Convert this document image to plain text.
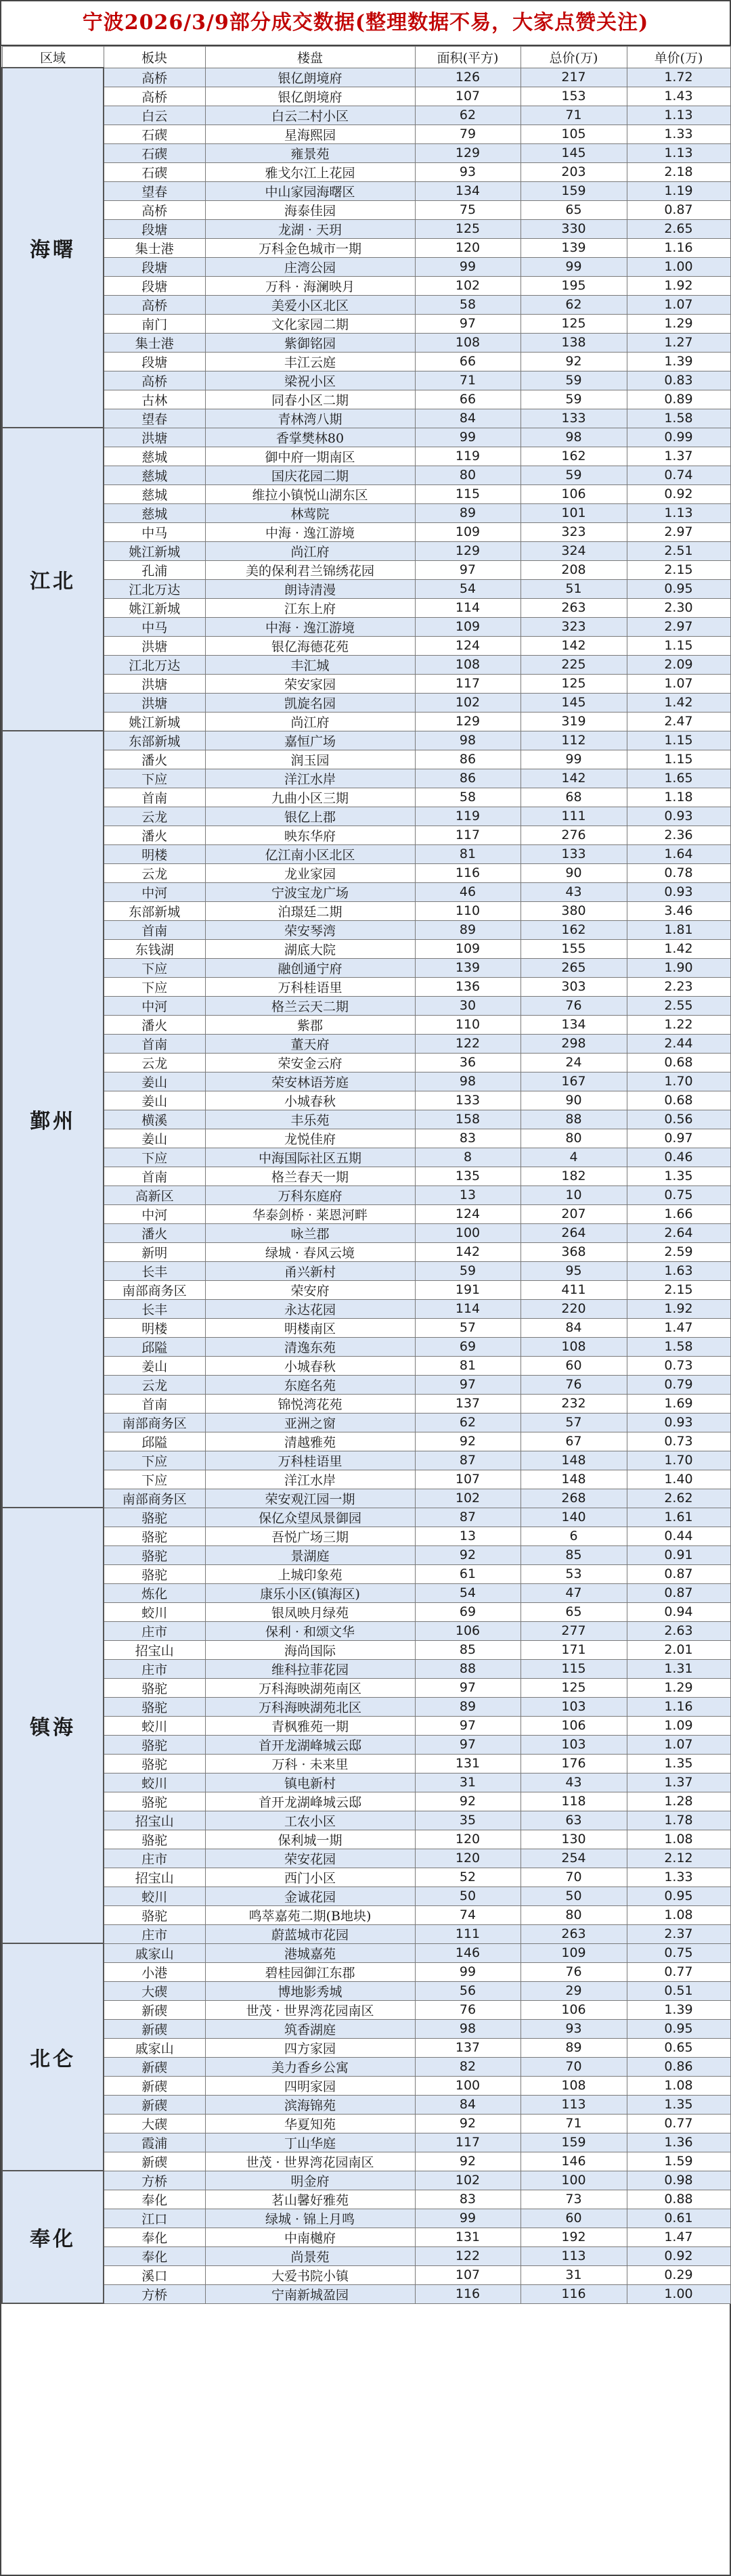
宁波2026/3/9部分成交数据(整理数据不易，大家点赞关注)
区域	板块	楼盘	面积(平方)	总价(万)	单价(万)
海曙	高桥	银亿朗境府	126	217	1.72
	高桥	银亿朗境府	107	153	1.43
	白云	白云二村小区	62	71	1.13
	石碶	星海熙园	79	105	1.33
	石碶	雍景苑	129	145	1.13
	石碶	雅戈尔江上花园	93	203	2.18
	望春	中山家园海曙区	134	159	1.19
	高桥	海泰佳园	75	65	0.87
	段塘	龙湖 · 天玥	125	330	2.65
	集士港	万科金色城市一期	120	139	1.16
	段塘	庄湾公园	99	99	1.00
	段塘	万科 · 海澜映月	102	195	1.92
	高桥	美爱小区北区	58	62	1.07
	南门	文化家园二期	97	125	1.29
	集士港	紫御铭园	108	138	1.27
	段塘	丰江云庭	66	92	1.39
	高桥	梁祝小区	71	59	0.83
	古林	同春小区二期	66	59	0.89
	望春	青林湾八期	84	133	1.58
江北	洪塘	香掌樊林80	99	98	0.99
	慈城	御中府一期南区	119	162	1.37
	慈城	国庆花园二期	80	59	0.74
	慈城	维拉小镇悦山湖东区	115	106	0.92
	慈城	林莺院	89	101	1.13
	中马	中海 · 逸江游境	109	323	2.97
	姚江新城	尚江府	129	324	2.51
	孔浦	美的保利君兰锦绣花园	97	208	2.15
	江北万达	朗诗清漫	54	51	0.95
	姚江新城	江东上府	114	263	2.30
	中马	中海 · 逸江游境	109	323	2.97
	洪塘	银亿海德花苑	124	142	1.15
	江北万达	丰汇城	108	225	2.09
	洪塘	荣安家园	117	125	1.07
	洪塘	凯旋名园	102	145	1.42
	姚江新城	尚江府	129	319	2.47
鄞州	东部新城	嘉恒广场	98	112	1.15
	潘火	润玉园	86	99	1.15
	下应	洋江水岸	86	142	1.65
	首南	九曲小区三期	58	68	1.18
	云龙	银亿上郡	119	111	0.93
	潘火	映东华府	117	276	2.36
	明楼	亿江南小区北区	81	133	1.64
	云龙	龙业家园	116	90	0.78
	中河	宁波宝龙广场	46	43	0.93
	东部新城	泊璟廷二期	110	380	3.46
	首南	荣安琴湾	89	162	1.81
	东钱湖	湖底大院	109	155	1.42
	下应	融创通宁府	139	265	1.90
	下应	万科桂语里	136	303	2.23
	中河	格兰云天二期	30	76	2.55
	潘火	紫郡	110	134	1.22
	首南	董天府	122	298	2.44
	云龙	荣安金云府	36	24	0.68
	姜山	荣安林语芳庭	98	167	1.70
	姜山	小城春秋	133	90	0.68
	横溪	丰乐苑	158	88	0.56
	姜山	龙悦佳府	83	80	0.97
	下应	中海国际社区五期	8	4	0.46
	首南	格兰春天一期	135	182	1.35
	高新区	万科东庭府	13	10	0.75
	中河	华泰剑桥 · 莱恩河畔	124	207	1.66
	潘火	咏兰郡	100	264	2.64
	新明	绿城 · 春风云境	142	368	2.59
	长丰	甬兴新村	59	95	1.63
	南部商务区	荣安府	191	411	2.15
	长丰	永达花园	114	220	1.92
	明楼	明楼南区	57	84	1.47
	邱隘	清逸东苑	69	108	1.58
	姜山	小城春秋	81	60	0.73
	云龙	东庭名苑	97	76	0.79
	首南	锦悦湾花苑	137	232	1.69
	南部商务区	亚洲之窗	62	57	0.93
	邱隘	清越雅苑	92	67	0.73
	下应	万科桂语里	87	148	1.70
	下应	洋江水岸	107	148	1.40
	南部商务区	荣安观江园一期	102	268	2.62
镇海	骆驼	保亿众望凤景御园	87	140	1.61
	骆驼	吾悦广场三期	13	6	0.44
	骆驼	景湖庭	92	85	0.91
	骆驼	上城印象苑	61	53	0.87
	炼化	康乐小区(镇海区)	54	47	0.87
	蛟川	银凤映月绿苑	69	65	0.94
	庄市	保利 · 和颂文华	106	277	2.63
	招宝山	海尚国际	85	171	2.01
	庄市	维科拉菲花园	88	115	1.31
	骆驼	万科海映湖苑南区	97	125	1.29
	骆驼	万科海映湖苑北区	89	103	1.16
	蛟川	青枫雅苑一期	97	106	1.09
	骆驼	首开龙湖峰城云邸	97	103	1.07
	骆驼	万科 · 未来里	131	176	1.35
	蛟川	镇电新村	31	43	1.37
	骆驼	首开龙湖峰城云邸	92	118	1.28
	招宝山	工农小区	35	63	1.78
	骆驼	保利城一期	120	130	1.08
	庄市	荣安花园	120	254	2.12
	招宝山	西门小区	52	70	1.33
	蛟川	金诚花园	50	50	0.95
	骆驼	鸣萃嘉苑二期(B地块)	74	80	1.08
	庄市	蔚蓝城市花园	111	263	2.37
北仑	戚家山	港城嘉苑	146	109	0.75
	小港	碧桂园御江东郡	99	76	0.77
	大碶	博地影秀城	56	29	0.51
	新碶	世茂 · 世界湾花园南区	76	106	1.39
	新碶	筑香湖庭	98	93	0.95
	戚家山	四方家园	137	89	0.65
	新碶	美力香乡公寓	82	70	0.86
	新碶	四明家园	100	108	1.08
	新碶	滨海锦苑	84	113	1.35
	大碶	华夏知苑	92	71	0.77
	霞浦	丁山华庭	117	159	1.36
	新碶	世茂 · 世界湾花园南区	92	146	1.59
奉化	方桥	明金府	102	100	0.98
	奉化	茗山馨好雅苑	83	73	0.88
	江口	绿城 · 锦上月鸣	99	60	0.61
	奉化	中南樾府	131	192	1.47
	奉化	尚景苑	122	113	0.92
	溪口	大爱书院小镇	107	31	0.29
	方桥	宁南新城盈园	116	116	1.00
